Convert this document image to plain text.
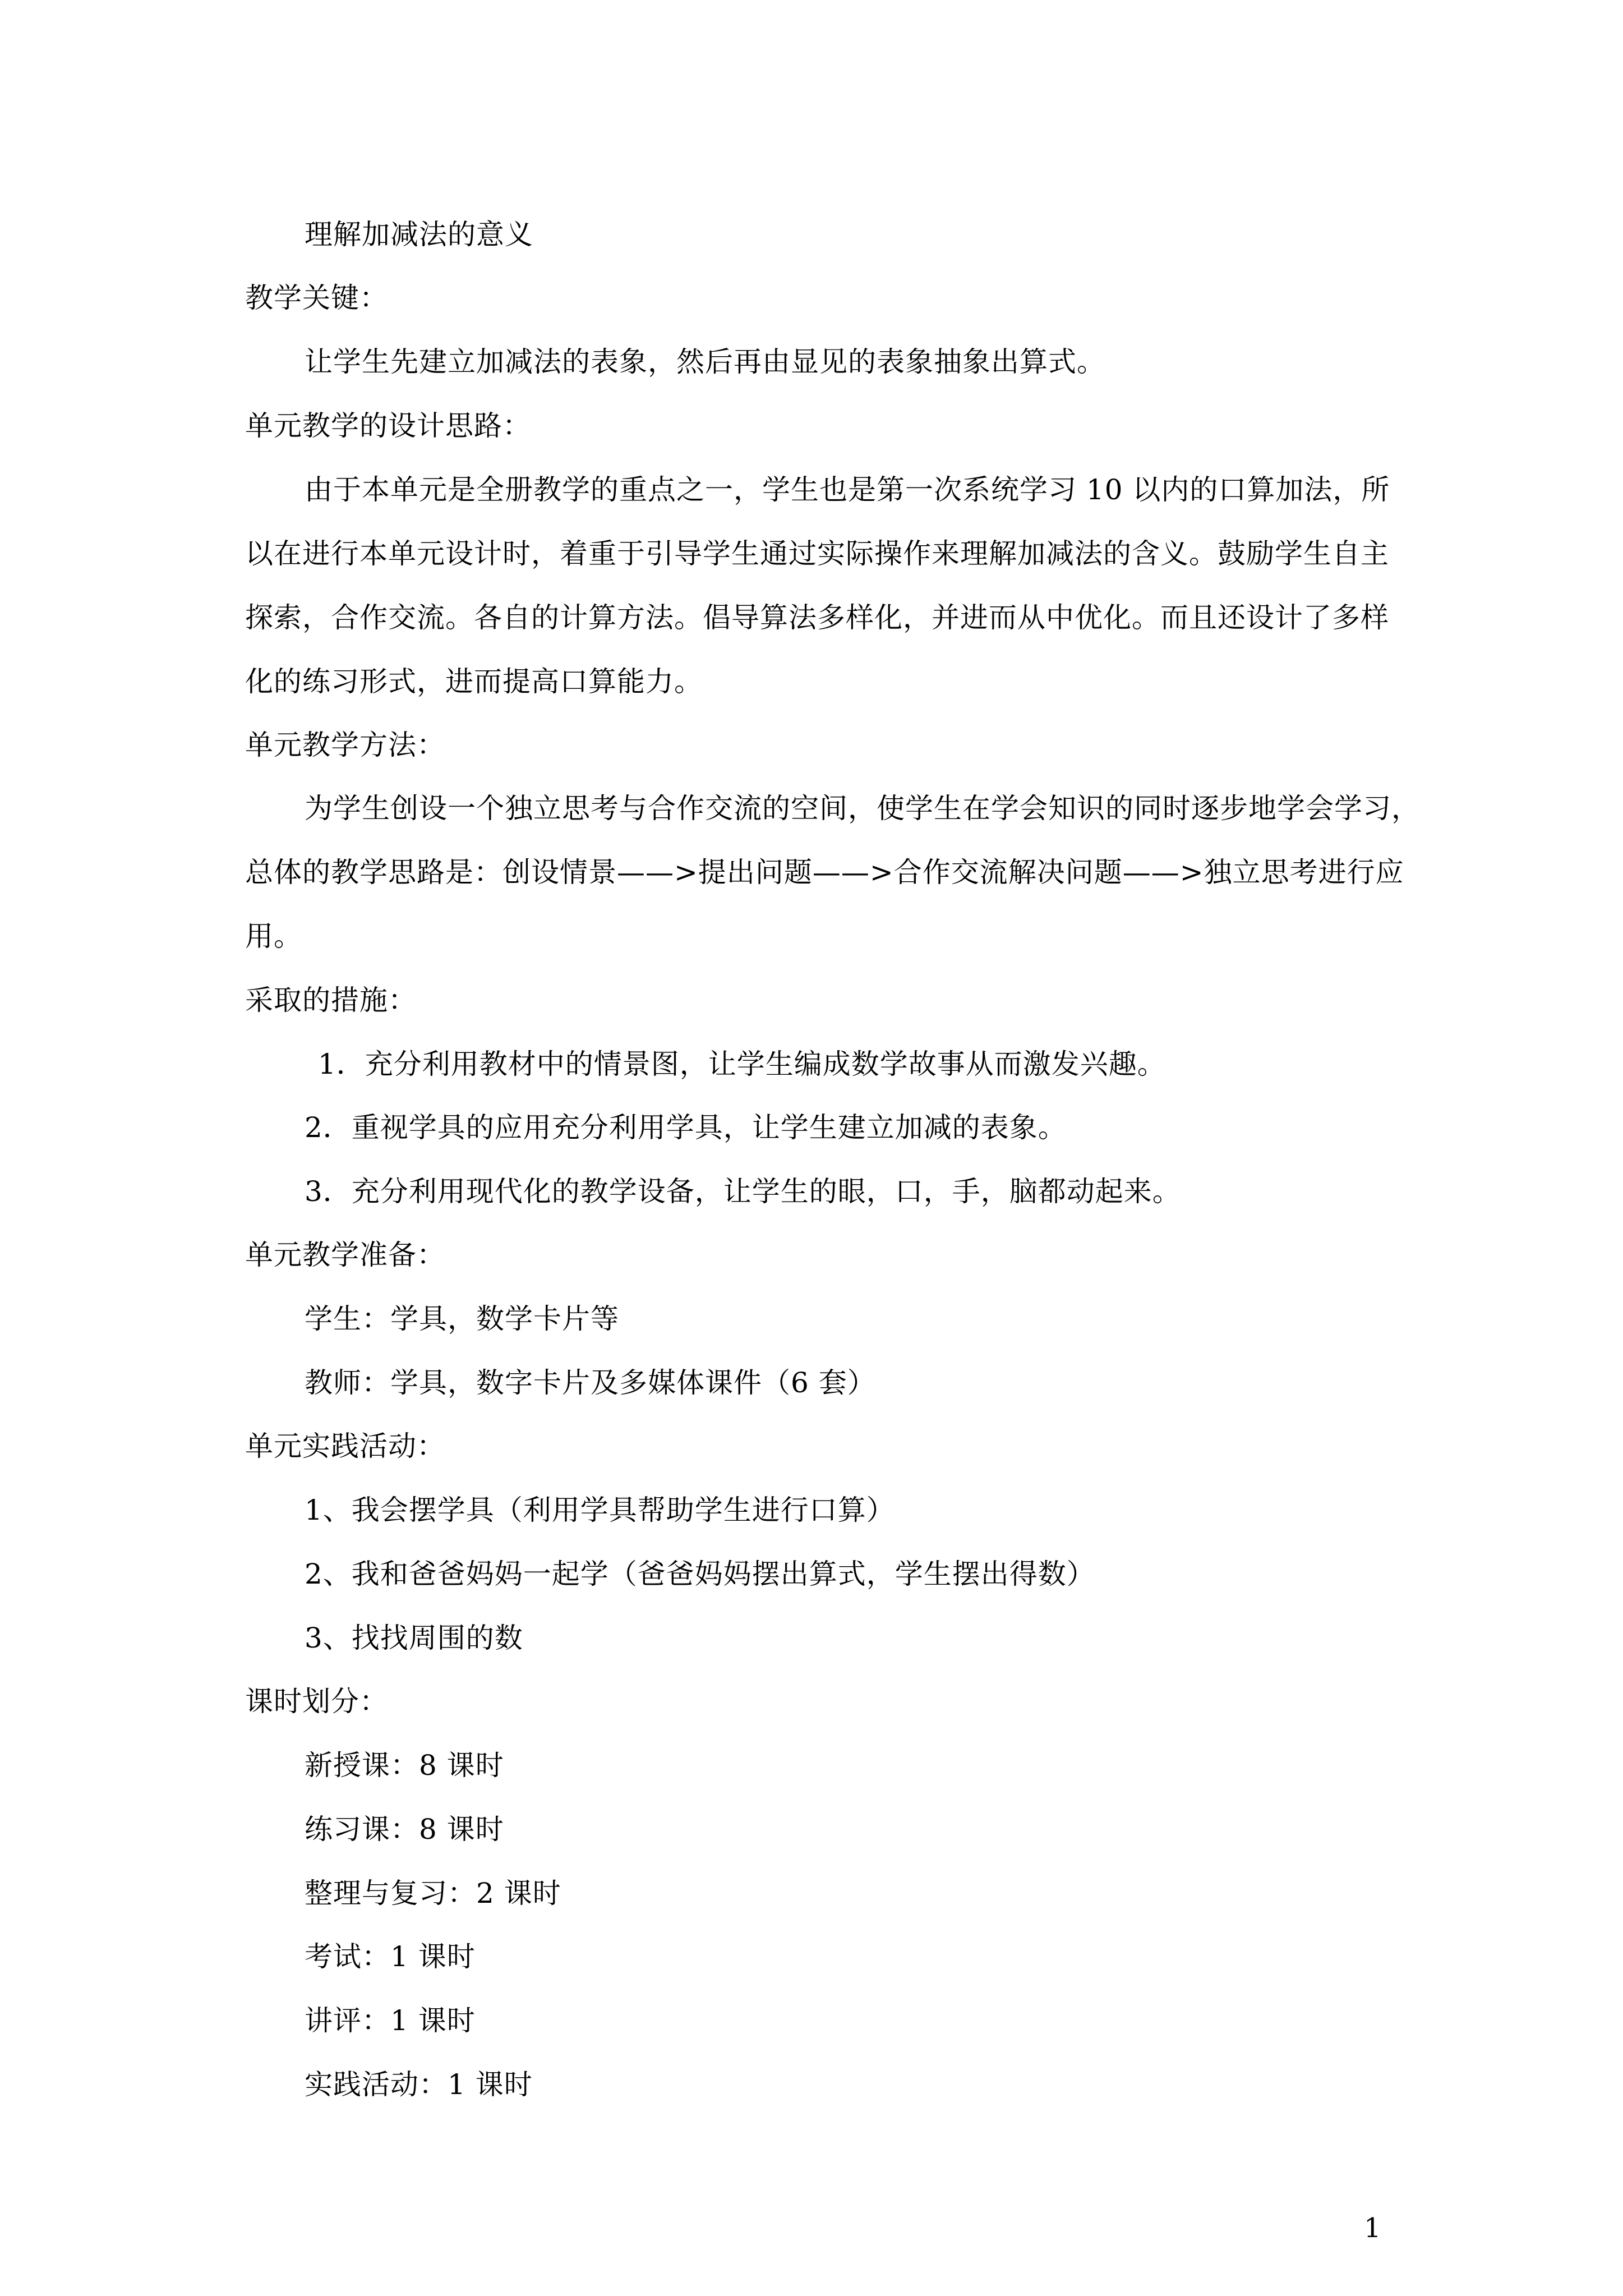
理解加减法的意义
教学关键：
让学生先建立加减法的表象，然后再由显见的表象抽象出算式。
单元教学的设计思路：
由于本单元是全册教学的重点之一，学生也是第一次系统学习 10 以内的口算加法，所
以在进行本单元设计时，着重于引导学生通过实际操作来理解加减法的含义。鼓励学生自主
探索，合作交流。各自的计算方法。倡导算法多样化，并进而从中优化。而且还设计了多样
化的练习形式，进而提高口算能力。
单元教学方法：
为学生创设一个独立思考与合作交流的空间，使学生在学会知识的同时逐步地学会学习，
总体的教学思路是：创设情景——>提出问题——>合作交流解决问题——>独立思考进行应
用。
采取的措施：
1．充分利用教材中的情景图，让学生编成数学故事从而激发兴趣。
2．重视学具的应用充分利用学具，让学生建立加减的表象。
3．充分利用现代化的教学设备，让学生的眼，口，手，脑都动起来。
单元教学准备：
学生：学具，数学卡片等
教师：学具，数字卡片及多媒体课件（6 套）
单元实践活动：
1、我会摆学具（利用学具帮助学生进行口算）
2、我和爸爸妈妈一起学（爸爸妈妈摆出算式，学生摆出得数）
3、找找周围的数
课时划分：
新授课：8 课时
练习课：8 课时
整理与复习：2 课时
考试：1 课时
讲评：1 课时
实践活动：1 课时
1
